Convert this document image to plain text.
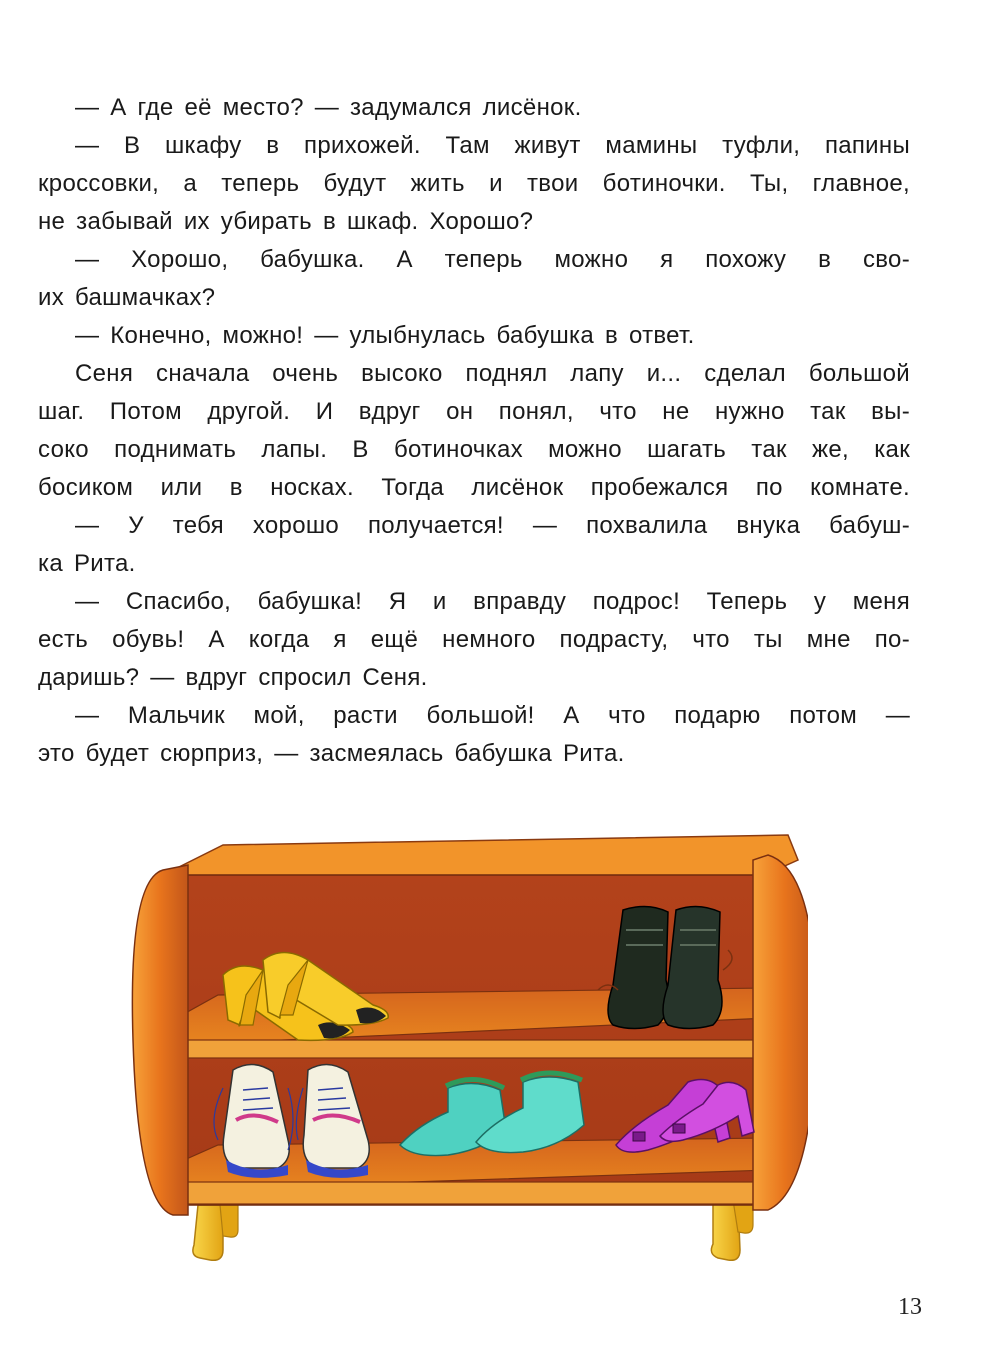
— А где её место? — задумался лисёнок.
— В шкафу в прихожей. Там живут мамины туфли, папины
кроссовки, а теперь будут жить и твои ботиночки. Ты, главное,
не забывай их убирать в шкаф. Хорошо?
— Хорошо, бабушка. А теперь можно я похожу в сво-
их башмачках?
— Конечно, можно! — улыбнулась бабушка в ответ.
Сеня сначала очень высоко поднял лапу и... сделал большой
шаг. Потом другой. И вдруг он понял, что не нужно так вы-
соко поднимать лапы. В ботиночках можно шагать так же, как
босиком или в носках. Тогда лисёнок пробежался по комнате.
— У тебя хорошо получается! — похвалила внука бабуш-
ка Рита.
— Спасибо, бабушка! Я и вправду подрос! Теперь у меня
есть обувь! А когда я ещё немного подрасту, что ты мне по-
даришь? — вдруг спросил Сеня.
— Мальчик мой, расти большой! А что подарю потом —
это будет сюрприз, — засмеялась бабушка Рита.
13
